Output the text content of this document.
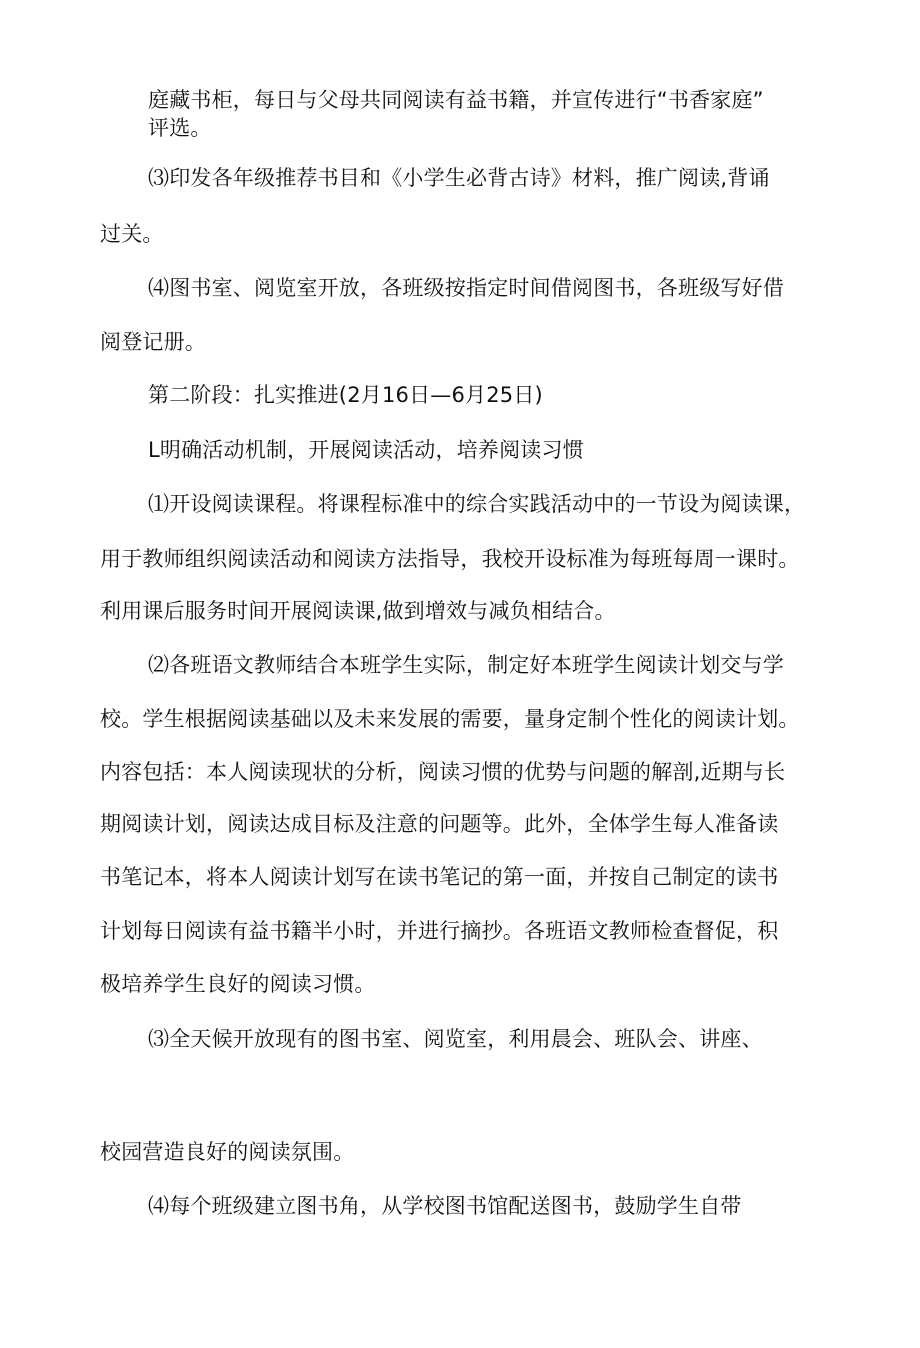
庭藏书柜，每日与父母共同阅读有益书籍，并宣传进行“书香家庭”
评选。
⑶印发各年级推荐书目和《小学生必背古诗》材料，推广阅读,背诵
过关。
⑷图书室、阅览室开放，各班级按指定时间借阅图书，各班级写好借
阅登记册。
第二阶段：扎实推进(2月16日—6月25日)
L明确活动机制，开展阅读活动，培养阅读习惯
⑴开设阅读课程。将课程标准中的综合实践活动中的一节设为阅读课，
用于教师组织阅读活动和阅读方法指导，我校开设标准为每班每周一课时。
利用课后服务时间开展阅读课,做到增效与减负相结合。
⑵各班语文教师结合本班学生实际，制定好本班学生阅读计划交与学
校。学生根据阅读基础以及未来发展的需要，量身定制个性化的阅读计划。
内容包括：本人阅读现状的分析，阅读习惯的优势与问题的解剖,近期与长
期阅读计划，阅读达成目标及注意的问题等。此外，全体学生每人准备读
书笔记本，将本人阅读计划写在读书笔记的第一面，并按自己制定的读书
计划每日阅读有益书籍半小时，并进行摘抄。各班语文教师检查督促，积
极培养学生良好的阅读习惯。
⑶全天候开放现有的图书室、阅览室，利用晨会、班队会、讲座、
校园营造良好的阅读氛围。
⑷每个班级建立图书角，从学校图书馆配送图书，鼓励学生自带
